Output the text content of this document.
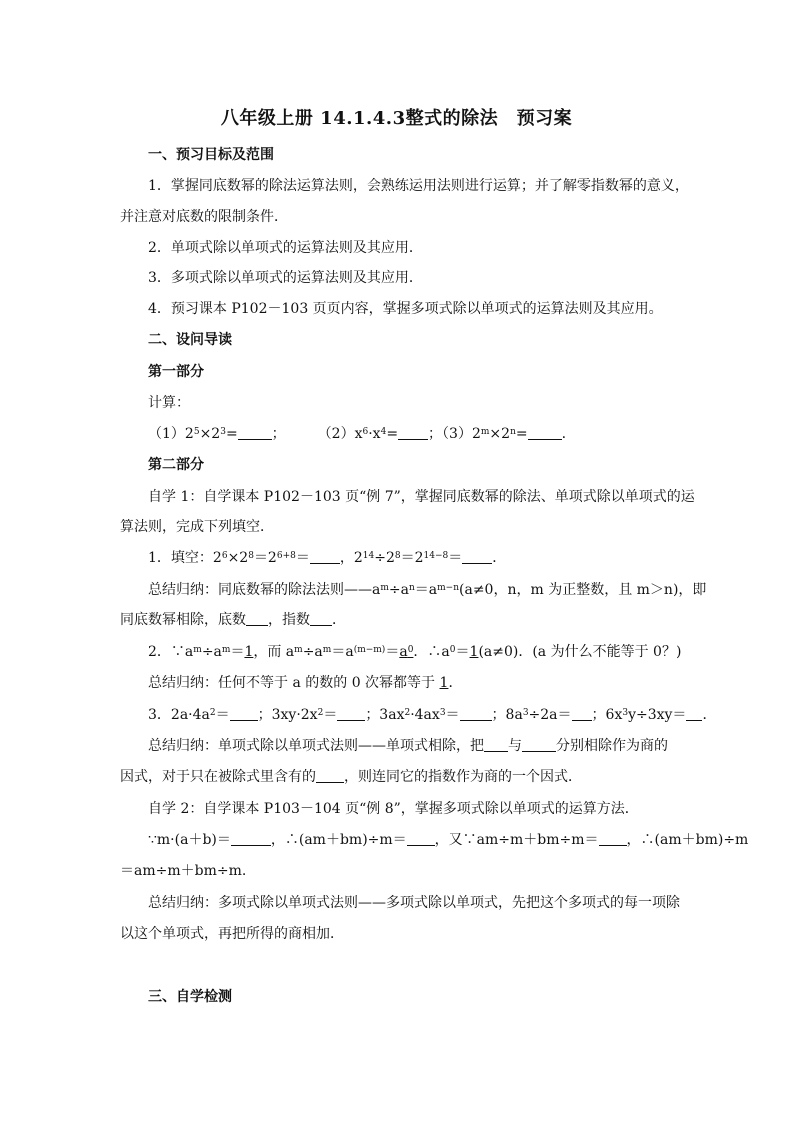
八年级上册 14.1.4.3整式的除法　预习案
一、预习目标及范围
1．掌握同底数幂的除法运算法则，会熟练运用法则进行运算；并了解零指数幂的意义，
并注意对底数的限制条件．
2．单项式除以单项式的运算法则及其应用．
3．多项式除以单项式的运算法则及其应用．
4．预习课本 P102－103 页页内容，掌握多项式除以单项式的运算法则及其应用。
二、设问导读
第一部分
计算：
$(1)2^5\times 2^3=$ ； $(2)x^6\cdot x^4=$ ；$(3)2^m\times 2^n=$ .
第二部分
自学 1：自学课本 P102－103 页“例 7”，掌握同底数幂的除法、单项式除以单项式的运
算法则，完成下列填空．
1．填空：$2^6\times 2^8=2^{6+8}=$ ，$2^{14}\div 2^8=2^{14-8}=$ ．
总结归纳：同底数幂的除法法则$——a^m\div a^n=a^{m-n}(a\ne 0$，n，m 为正整数，且 m＞n)，即
同底数幂相除，底数 ，指数 ．
2．$\because a^m\div a^m=1$，而 $a^m\div a^m=a^{(m-m)}=a^0$．$\therefore a^0=1(a\ne 0)$．(a 为什么不能等于 0？)
总结归纳：任何不等于 a 的数的 0 次幂都等于 1．
3．$2a\cdot 4a^2=$ ；$3xy\cdot 2x^2=$ ；$3ax^2\cdot 4ax^3=$ ；$8a^3\div 2a=$ ；$6x^3y\div 3xy=$ ．
总结归纳：单项式除以单项式法则——单项式相除，把 与 分别相除作为商的
因式，对于只在被除式里含有的 ，则连同它的指数作为商的一个因式．
自学 2：自学课本 P103－104 页“例 8”，掌握多项式除以单项式的运算方法．
∵m·(a＋b)＝	，∴(am＋bm)÷m＝ ，又∵am÷m＋bm÷m＝ ，∴(am＋bm)÷m
＝am÷m＋bm÷m.
总结归纳：多项式除以单项式法则——多项式除以单项式，先把这个多项式的每一项除
以这个单项式，再把所得的商相加．
三、自学检测
